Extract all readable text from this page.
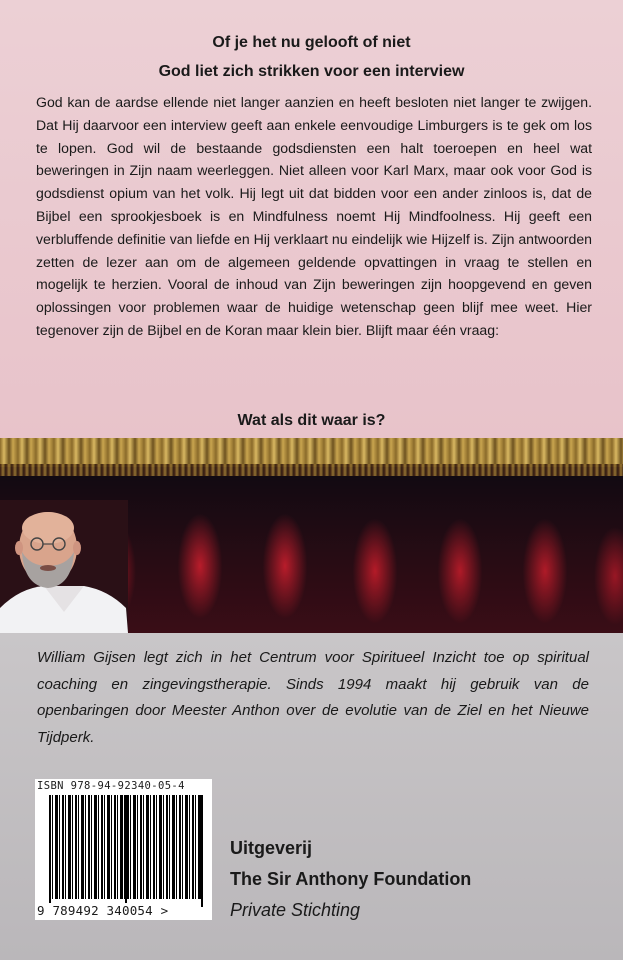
Of je het nu gelooft of niet

God liet zich strikken voor een interview

God kan de aardse ellende niet langer aanzien en heeft besloten niet langer te zwijgen. Dat Hij daarvoor een interview geeft aan enkele eenvoudige Limburgers is te gek om los te lopen. God wil de bestaande godsdiensten een halt toeroepen en heel wat beweringen in Zijn naam weerleggen. Niet alleen voor Karl Marx, maar ook voor God is godsdienst opium van het volk. Hij legt uit dat bidden voor een ander zinloos is, dat de Bijbel een sprookjesboek is en Mindfulness noemt Hij Mindfoolness. Hij geeft een verbluffende definitie van liefde en Hij verklaart nu eindelijk wie Hijzelf is. Zijn antwoorden zetten de lezer aan om de algemeen geldende opvattingen in vraag te stellen en mogelijk te herzien. Vooral de inhoud van Zijn beweringen zijn hoopgevend en geven oplossingen voor problemen waar de huidige wetenschap geen blijf mee weet. Hier tegenover zijn de Bijbel en de Koran maar klein bier. Blijft maar één vraag:

Wat als dit waar is?

William Gijsen legt zich in het Centrum voor Spiritueel Inzicht toe op spiritual coaching en zingevingstherapie. Sinds 1994 maakt hij gebruik van de openbaringen door Meester Anthon over de evolutie van de Ziel en het Nieuwe Tijdperk.

ISBN 978-94-92340-05-4

9 789492 340054 >

Uitgeverij

The Sir Anthony Foundation

Private Stichting
